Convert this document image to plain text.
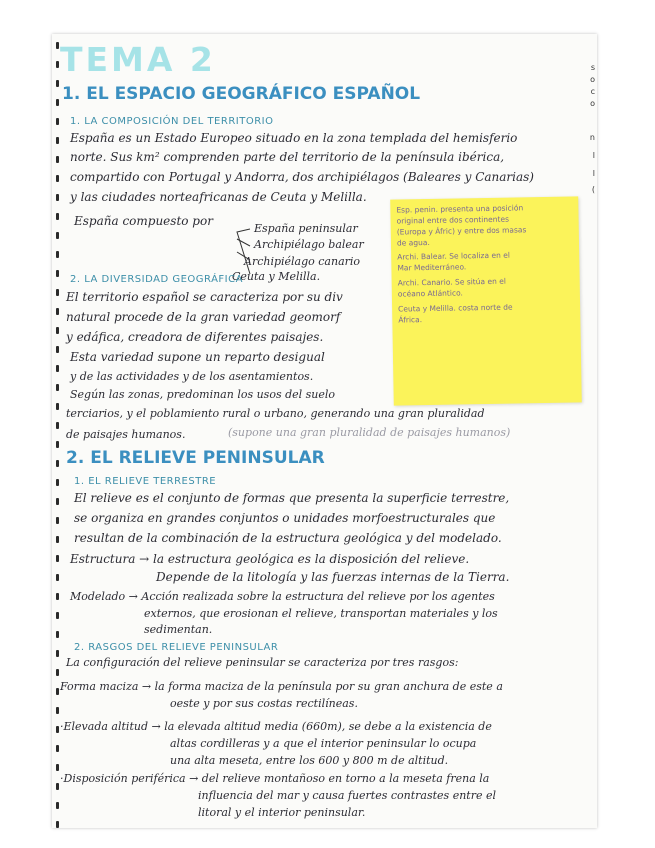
s
o
c
o
n
l
l
(
TEMA 2
1. EL ESPACIO GEOGRÁFICO ESPAÑOL
1. LA COMPOSICIÓN DEL TERRITORIO
España es un Estado Europeo situado en la zona templada del hemisferio
norte. Sus km² comprenden parte del territorio de la península ibérica,
compartido con Portugal y Andorra, dos archipiélagos (Baleares y Canarias)
y las ciudades norteafricanas de Ceuta y Melilla.
España compuesto por
España peninsular
Archipiélago balear
Archipiélago canario
Ceuta y Melilla.
2. LA DIVERSIDAD GEOGRÁFICA
El territorio español se caracteriza por su div
natural procede de la gran variedad geomorf
y edáfica, creadora de diferentes paisajes.
Esta variedad supone un reparto desigual
y de las actividades y de los asentamientos.
Según las zonas, predominan los usos del suelo
terciarios, y el poblamiento rural o urbano, generando una gran pluralidad
de paisajes humanos.	(supone una gran pluralidad de paisajes humanos)
Esp. penin. presenta una posición
original entre dos continentes
(Europa y Áfric) y entre dos masas
de agua.
Archi. Balear. Se localiza en el
Mar Mediterráneo.
Archi. Canario. Se sitúa en el
océano Atlántico.
Ceuta y Melilla. costa norte de
África.
2. EL RELIEVE PENINSULAR
1. EL RELIEVE TERRESTRE
El relieve es el conjunto de formas que presenta la superficie terrestre,
se organiza en grandes conjuntos o unidades morfoestructurales que
resultan de la combinación de la estructura geológica y del modelado.
Estructura → la estructura geológica es la disposición del relieve.
Depende de la litología y las fuerzas internas de la Tierra.
Modelado → Acción realizada sobre la estructura del relieve por los agentes
externos, que erosionan el relieve, transportan materiales y los
sedimentan.
2. RASGOS DEL RELIEVE PENINSULAR
La configuración del relieve peninsular se caracteriza por tres rasgos:
Forma maciza → la forma maciza de la península por su gran anchura de este a
oeste y por sus costas rectilíneas.
·Elevada altitud → la elevada altitud media (660m), se debe a la existencia de
altas cordilleras y a que el interior peninsular lo ocupa
una alta meseta, entre los 600 y 800 m de altitud.
·Disposición periférica → del relieve montañoso en torno a la meseta frena la
influencia del mar y causa fuertes contrastes entre el
litoral y el interior peninsular.
